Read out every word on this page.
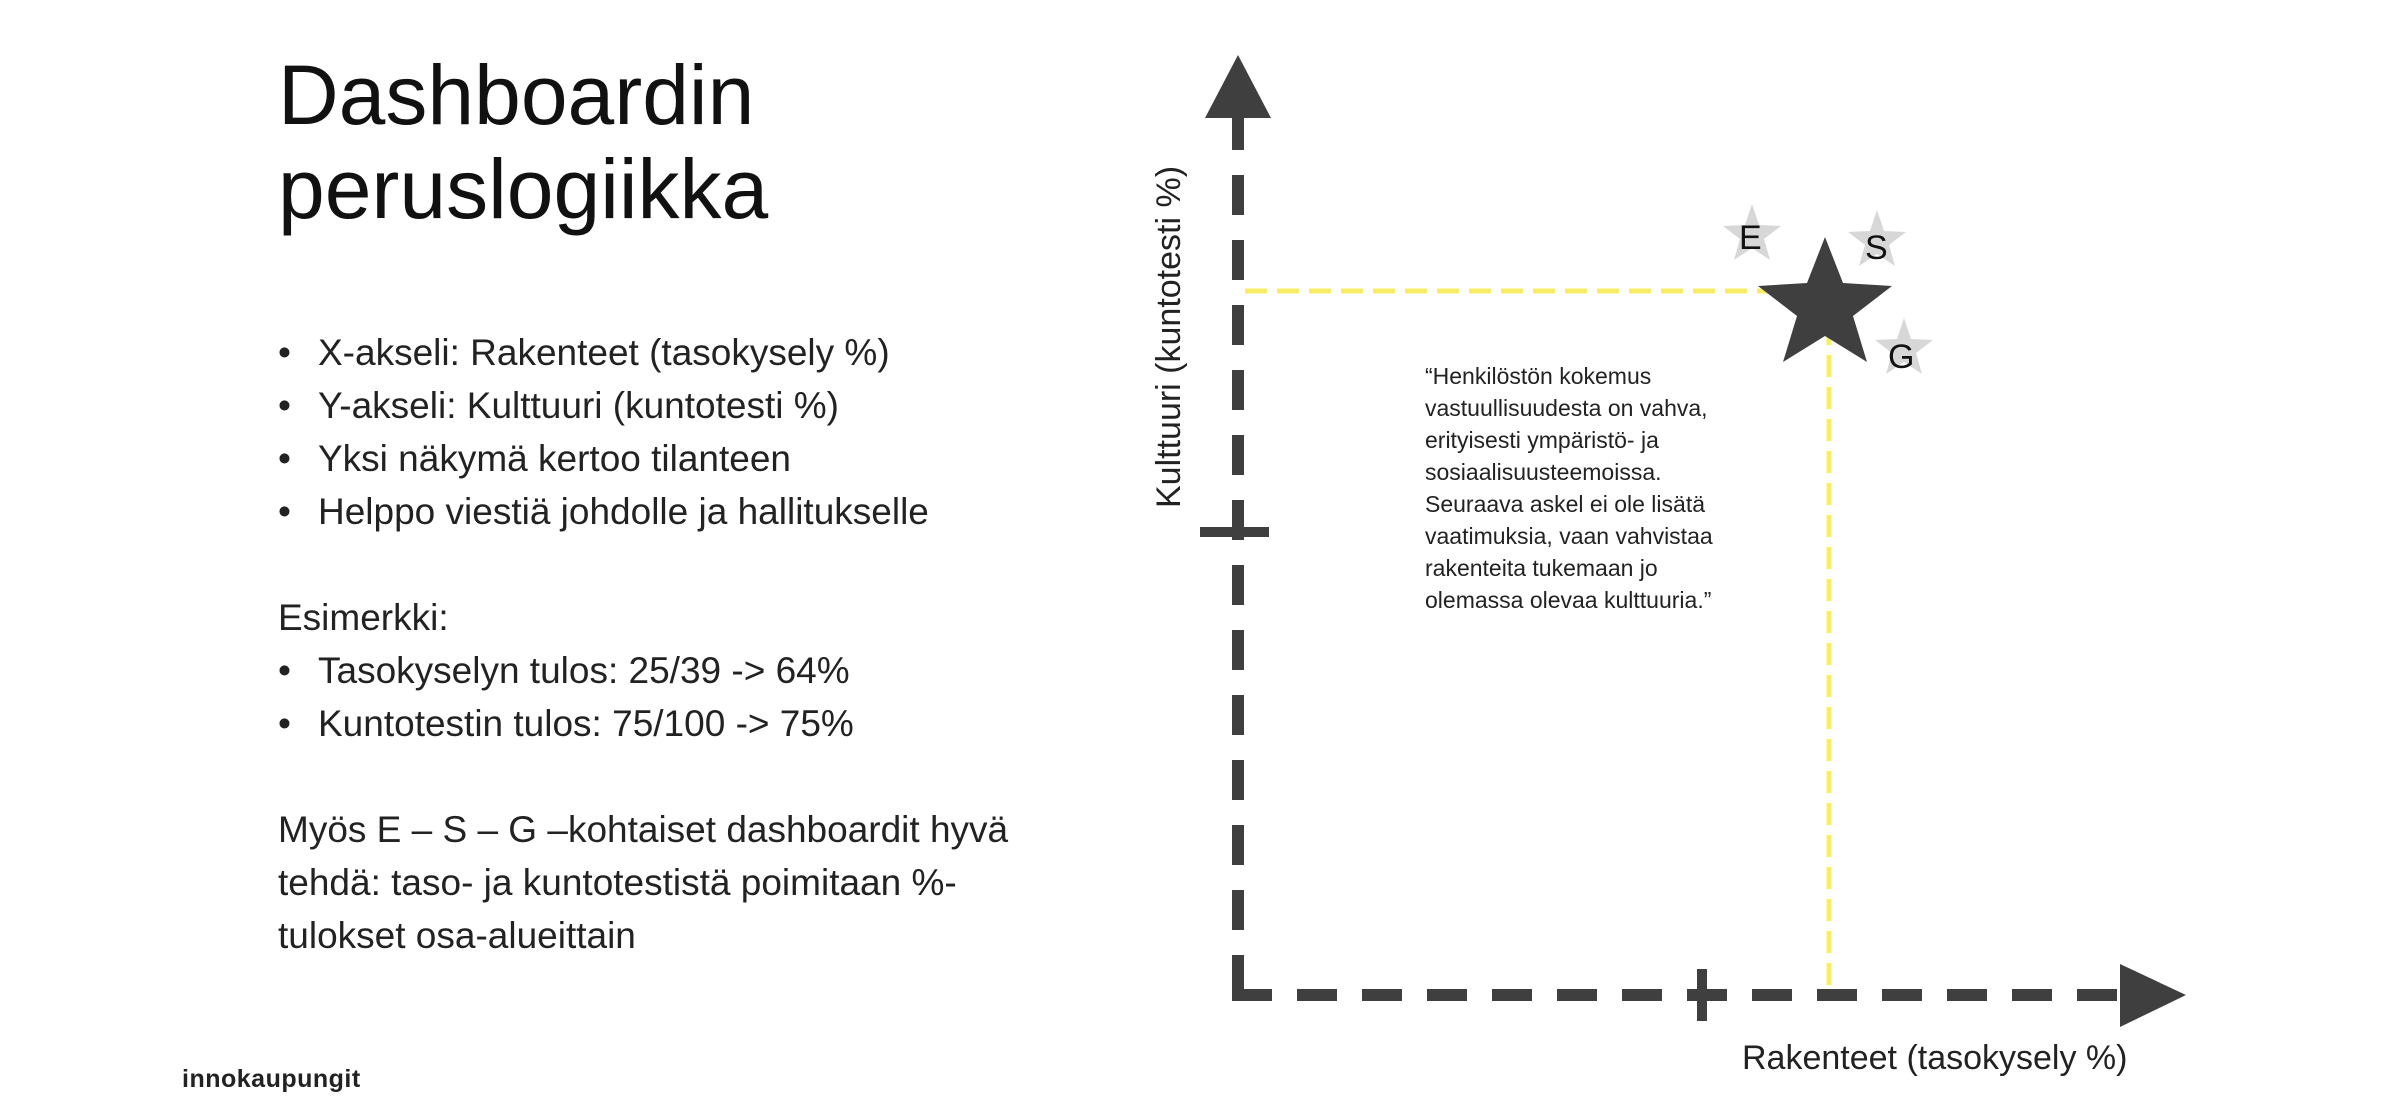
Dashboardin
peruslogiikka
• X-akseli: Rakenteet (tasokysely %)
• Y-akseli: Kulttuuri (kuntotesti %)
• Yksi näkymä kertoo tilanteen
• Helppo viestiä johdolle ja hallitukselle
Esimerkki:
• Tasokyselyn tulos: 25/39 -> 64%
• Kuntotestin tulos: 75/100 -> 75%
Myös E – S – G –kohtaiset dashboardit hyvä
tehdä: taso- ja kuntotestistä poimitaan %-
tulokset osa-alueittain
E	S
G
Kulttuuri (kuntotesti %)
Rakenteet (tasokysely %)
“Henkilöstön kokemus
vastuullisuudesta on vahva,
erityisesti ympäristö- ja
sosiaalisuusteemoissa.
Seuraava askel ei ole lisätä
vaatimuksia, vaan vahvistaa
rakenteita tukemaan jo
olemassa olevaa kulttuuria.”
innokaupungit
